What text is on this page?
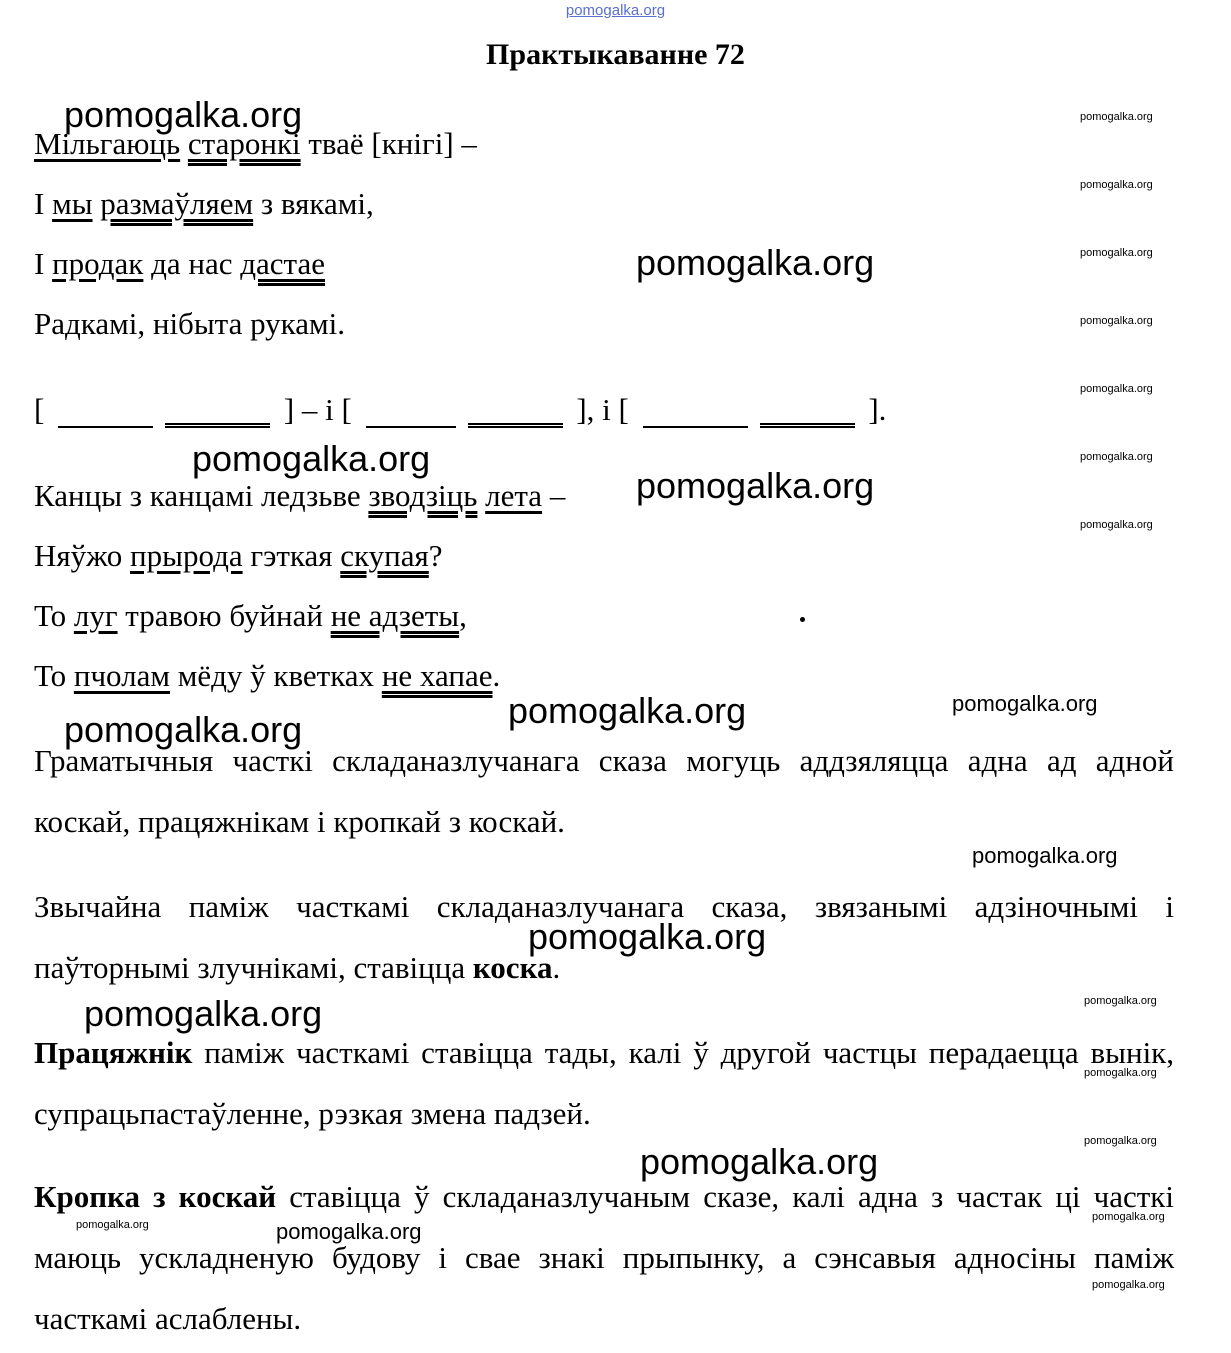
pomogalka.org
Практыкаванне 72
Мільгаюць старонкі тваё [кнігі] –
І мы размаўляем з вякамі,
І продак да нас дастае
Радкамі, нібыта рукамі.
[	] – і [	], і [	].
Канцы з канцамі ледзьве зводзіць лета –
Няўжо прырода гэткая скупая?
То луг травою буйнай не адзеты,
То пчолам мёду ў кветках не хапае.
Граматычныя часткі складаназлучанага сказа могуць аддзяляцца адна ад адной коскай, працяжнікам і кропкай з коскай.
Звычайна паміж часткамі складаназлучанага сказа, звязанымі адзіночнымі і паўторнымі злучнікамі, ставіцца коска.
Працяжнік паміж часткамі ставіцца тады, калі ў другой частцы перадаецца вынік, супрацьпастаўленне, рэзкая змена падзей.
Кропка з коскай ставіцца ў складаназлучаным сказе, калі адна з частак ці часткі маюць ускладненую будову і свае знакі прыпынку, а сэнсавыя адносіны паміж часткамі аслаблены.
pomogalka.org
pomogalka.org
pomogalka.org
pomogalka.org
pomogalka.org
pomogalka.org
pomogalka.org
pomogalka.org
pomogalka.org
pomogalka.org
pomogalka.org
pomogalka.org
pomogalka.org
pomogalka.org
pomogalka.org
pomogalka.org
pomogalka.org
pomogalka.org
pomogalka.org
pomogalka.org
pomogalka.org
pomogalka.org
pomogalka.org
pomogalka.org
pomogalka.org
